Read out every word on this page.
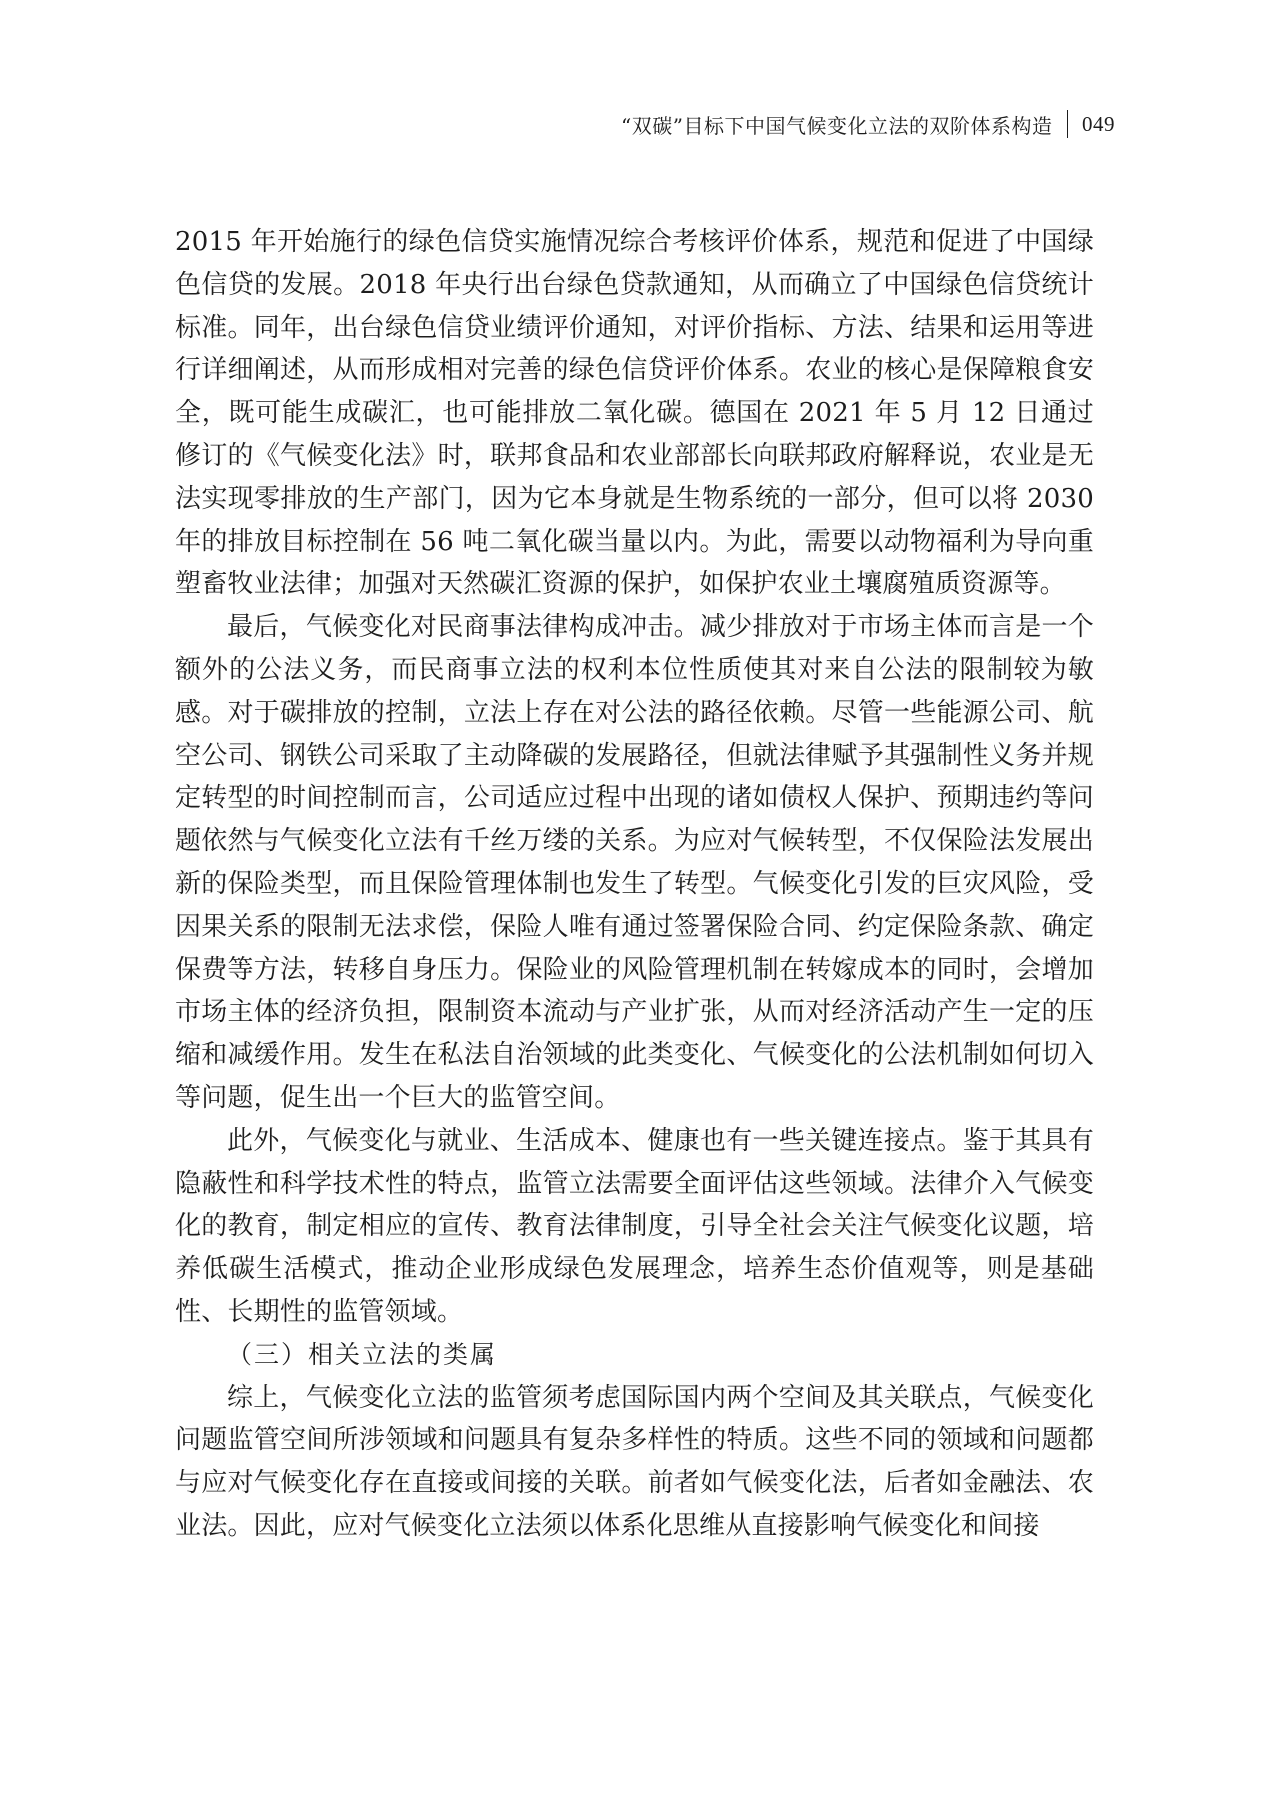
“双碳”目标下中国气候变化立法的双阶体系构造 049

2015 年开始施行的绿色信贷实施情况综合考核评价体系，规范和促进了中国绿色信贷的发展。2018 年央行出台绿色贷款通知，从而确立了中国绿色信贷统计标准。同年，出台绿色信贷业绩评价通知，对评价指标、方法、结果和运用等进行详细阐述，从而形成相对完善的绿色信贷评价体系。农业的核心是保障粮食安全，既可能生成碳汇，也可能排放二氧化碳。德国在 2021 年 5 月 12 日通过修订的《气候变化法》时，联邦食品和农业部部长向联邦政府解释说，农业是无法实现零排放的生产部门，因为它本身就是生物系统的一部分，但可以将 2030 年的排放目标控制在 56 吨二氧化碳当量以内。为此，需要以动物福利为导向重塑畜牧业法律；加强对天然碳汇资源的保护，如保护农业土壤腐殖质资源等。

最后，气候变化对民商事法律构成冲击。减少排放对于市场主体而言是一个额外的公法义务，而民商事立法的权利本位性质使其对来自公法的限制较为敏感。对于碳排放的控制，立法上存在对公法的路径依赖。尽管一些能源公司、航空公司、钢铁公司采取了主动降碳的发展路径，但就法律赋予其强制性义务并规定转型的时间控制而言，公司适应过程中出现的诸如债权人保护、预期违约等问题依然与气候变化立法有千丝万缕的关系。为应对气候转型，不仅保险法发展出新的保险类型，而且保险管理体制也发生了转型。气候变化引发的巨灾风险，受因果关系的限制无法求偿，保险人唯有通过签署保险合同、约定保险条款、确定保费等方法，转移自身压力。保险业的风险管理机制在转嫁成本的同时，会增加市场主体的经济负担，限制资本流动与产业扩张，从而对经济活动产生一定的压缩和减缓作用。发生在私法自治领域的此类变化、气候变化的公法机制如何切入等问题，促生出一个巨大的监管空间。

此外，气候变化与就业、生活成本、健康也有一些关键连接点。鉴于其具有隐蔽性和科学技术性的特点，监管立法需要全面评估这些领域。法律介入气候变化的教育，制定相应的宣传、教育法律制度，引导全社会关注气候变化议题，培养低碳生活模式，推动企业形成绿色发展理念，培养生态价值观等，则是基础性、长期性的监管领域。

（三）相关立法的类属

综上，气候变化立法的监管须考虑国际国内两个空间及其关联点，气候变化问题监管空间所涉领域和问题具有复杂多样性的特质。这些不同的领域和问题都与应对气候变化存在直接或间接的关联。前者如气候变化法，后者如金融法、农业法。因此，应对气候变化立法须以体系化思维从直接影响气候变化和间接
